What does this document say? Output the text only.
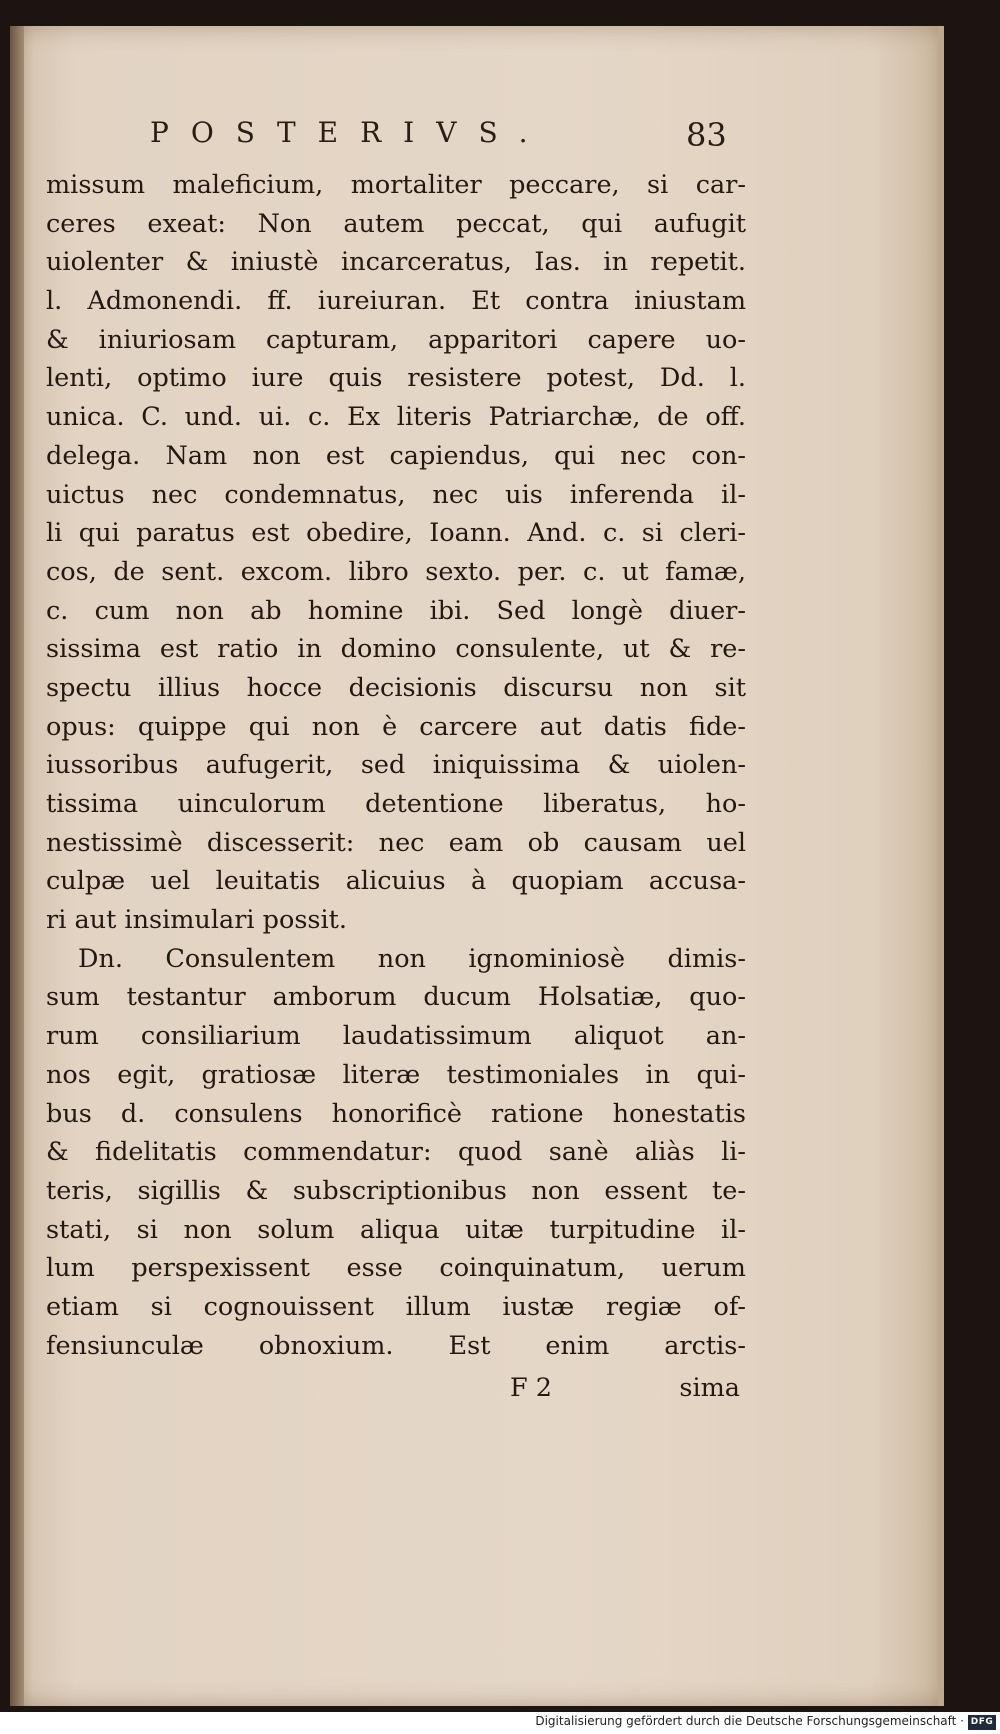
POSTERIVS.	83
missum maleficium, mortaliter peccare, si car-
ceres exeat: Non autem peccat, qui aufugit
uiolenter & iniustè incarceratus, Ias. in repetit.
l. Admonendi. ff. iureiuran. Et contra iniustam
& iniuriosam capturam, apparitori capere uo-
lenti, optimo iure quis resistere potest, Dd. l.
unica. C. und. ui. c. Ex literis Patriarchæ, de off.
delega. Nam non est capiendus, qui nec con-
uictus nec condemnatus, nec uis inferenda il-
li qui paratus est obedire, Ioann. And. c. si cleri-
cos, de sent. excom. libro sexto. per. c. ut famæ,
c. cum non ab homine ibi. Sed longè diuer-
sissima est ratio in domino consulente, ut & re-
spectu illius hocce decisionis discursu non sit
opus: quippe qui non è carcere aut datis fide-
iussoribus aufugerit, sed iniquissima & uiolen-
tissima uinculorum detentione liberatus, ho-
nestissimè discesserit: nec eam ob causam uel
culpæ uel leuitatis alicuius à quopiam accusa-
ri aut insimulari possit.
Dn. Consulentem non ignominiosè dimis-
sum testantur amborum ducum Holsatiæ, quo-
rum consiliarium laudatissimum aliquot an-
nos egit, gratiosæ literæ testimoniales in qui-
bus d. consulens honorificè ratione honestatis
& fidelitatis commendatur: quod sanè aliàs li-
teris, sigillis & subscriptionibus non essent te-
stati, si non solum aliqua uitæ turpitudine il-
lum perspexissent esse coinquinatum, uerum
etiam si cognouissent illum iustæ regiæ of-
fensiunculæ obnoxium. Est enim arctis-
F 2	sima
Digitalisierung gefördert durch die Deutsche Forschungsgemeinschaft · DFG
